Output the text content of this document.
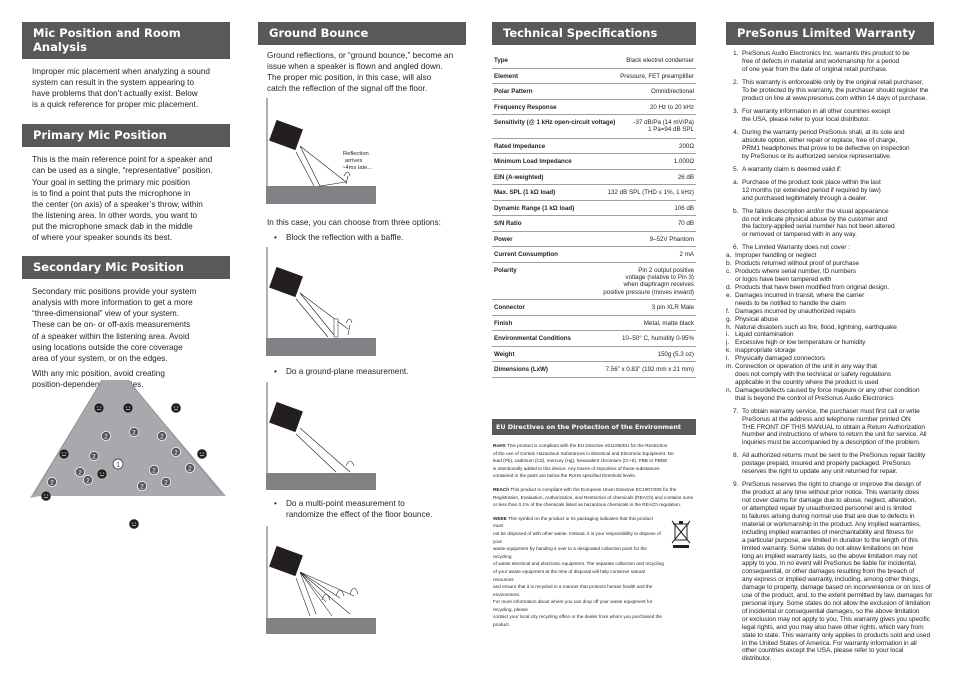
Mic Position and Room Analysis
Improper mic placement when analyzing a sound
system can result in the system appearing to
have problems that don’t actually exist. Below
is a quick reference for proper mic placement.
Primary Mic Position
This is the main reference point for a speaker and
can be used as a single, “representative” position.
Your goal in setting the primary mic position
is to find a point that puts the microphone in
the center (on axis) of a speaker’s throw, within
the listening area. In other words, you want to
put the microphone smack dab in the middle
of where your speaker sounds its best.
Secondary Mic Position
Secondary mic positions provide your system
analysis with more information to get a more
“three-dimensional” view of your system.
These can be on- or off-axis measurements
of a speaker within the listening area. Avoid
using locations outside the core coverage
area of your system, or on the edges.
With any mic position, avoid creating
position-dependent anomalies.
2
2
2
2
2
2	2	2
2
2
2
2
1
Ground Bounce
Ground reflections, or “ground bounce,” become an
issue when a speaker is flown and angled down.
The proper mic position, in this case, will also
catch the reflection of the signal off the floor.
Reflection
arrives
~4ms late...
In this case, you can choose from three options:
• Block the reflection with a baffle.
• Do a ground-plane measurement.
• Do a multi-point measurement to
randomize the effect of the floor bounce.
Technical Specifications
Type	Black electret condenser
Element	Pressure, FET preamplifier
Polar Pattern	Omnidirectional
Frequency Response	20 Hz to 20 kHz
Sensitivity (@ 1 kHz open-circuit voltage)	-37 dB/Pa (14 mV/Pa)
1 Pa=94 dB SPL
Rated Impedance	200Ω
Minimum Load Impedance	1,000Ω
EIN (A-weighted)	26 dB
Max. SPL (1 kΩ load)	132 dB SPL (THD ≤ 1%, 1 kHz)
Dynamic Range (1 kΩ load)	106 dB
S/N Ratio	70 dB
Power	9–52V Phantom
Current Consumption	2 mA
Polarity	Pin 2 output positive
voltage (relative to Pin 3)
when diaphragm receives
positive pressure (moves inward)
Connector	3 pin XLR Male
Finish	Metal, matte black
Environmental Conditions	10–50° C, humidity 0-95%
Weight	150g (5.3 oz)
Dimensions (LxW)	7.56” x 0.83” (192 mm x 21 mm)
EU Directives on the Protection of the Environment
RoHS This product is compliant with the EU Directive 2011/65/EU for the Restriction
of the use of Certain Hazardous Substances in Electrical and Electronic Equipment. No
lead (Pb), cadmium (Cd), mercury (Hg), hexavalent chromium (Cr+6), PBB or PBDE
is intentionally added to this device. Any traces of impurities of these substances
contained in the parts are below the RoHS specified threshold levels.
REACh This product is compliant with the European Union Directive EC1907/206 for the
Registration, Evaluation, Authorization, and Restriction of chemicals (REACh) and contains none
or less than 0.1% of the chemicals listed as hazardous chemicals in the REACh regulation.
WEEE This symbol on the product or its packaging indicates that this product must
not be disposed of with other waste. Instead, it is your responsibility to dispose of your
waste equipment by handing it over to a designated collection point for the recycling
of waste electrical and electronic equipment. The separate collection and recycling
of your waste equipment at the time of disposal will help conserve natural resources
and ensure that it is recycled in a manner that protects human health and the environment.
For more information about where you can drop off your waste equipment for recycling, please
contact your local city recycling office or the dealer from whom you purchased the product.
PreSonus Limited Warranty
1. PreSonus Audio Electronics Inc. warrants this product to be
free of defects in material and workmanship for a period
of one year from the date of original retail purchase.
2. This warranty is enforceable only by the original retail purchaser.
To be protected by this warranty, the purchaser should register the
product on line at www.presonus.com within 14 days of purchase.
3. For warranty information in all other countries except
the USA, please refer to your local distributor.
4. During the warranty period PreSonus shall, at its sole and
absolute option, either repair or replace, free of charge,
PRM1 headphones that prove to be defective on inspection
by PreSonus or its authorized service representative.
5. A warranty claim is deemed valid if:
a. Purchase of the product took place within the last
12 months (or extended period if required by law)
and purchased legitimately through a dealer.
b. The failure description and/or the visual appearance
do not indicate physical abuse by the customer and
the factory-applied serial number has not been altered
or removed or tampered with in any way.
6. The Limited Warranty does not cover :
a. Improper handling or neglect
b. Products returned without proof of purchase
c. Products where serial number, ID numbers
or logos have been tampered with
d. Products that have been modified from original design.
e. Damages incurred in transit, where the carrier
needs to be notified to handle the claim
f. Damages incurred by unauthorized repairs
g. Physical abuse
h. Natural disasters such as fire, flood, lightning, earthquake
i. Liquid contamination
j. Excessive high or low temperature or humidity
k. Inappropriate storage
l. Physically damaged connectors
m. Connection or operation of the unit in any way that
does not comply with the technical or safety regulations
applicable in the country where the product is used
n. Damages/defects caused by force majeure or any other condition
that is beyond the control of PreSonus Audio Electronics
7. To obtain warranty service, the purchaser must first call or write
PreSonus at the address and telephone number printed ON
THE FRONT OF THIS MANUAL to obtain a Return Authorization
Number and instructions of where to return the unit for service. All
inquiries must be accompanied by a description of the problem.
8. All authorized returns must be sent to the PreSonus repair facility
postage prepaid, insured and properly packaged. PreSonus
reserves the right to update any unit returned for repair.
9. PreSonus reserves the right to change or improve the design of
the product at any time without prior notice. This warranty does
not cover claims for damage due to abuse, neglect, alteration,
or attempted repair by unauthorized personnel and is limited
to failures arising during normal use that are due to defects in
material or workmanship in the product. Any implied warranties,
including implied warranties of merchantability and fitness for
a particular purpose, are limited in duration to the length of this
limited warranty. Some states do not allow limitations on how
long an implied warranty lasts, so the above limitation may not
apply to you. In no event will PreSonus be liable for incidental,
consequential, or other damages resulting from the breach of
any express or implied warranty, including, among other things,
damage to property, damage based on inconvenience or on loss of
use of the product, and, to the extent permitted by law, damages for
personal injury. Some states do not allow the exclusion of limitation
of incidental or consequential damages, so the above limitation
or exclusion may not apply to you. This warranty gives you specific
legal rights, and you may also have other rights, which vary from
state to state. This warranty only applies to products sold and used
in the United States of America. For warranty information in all
other countries except the USA, please refer to your local distributor.
